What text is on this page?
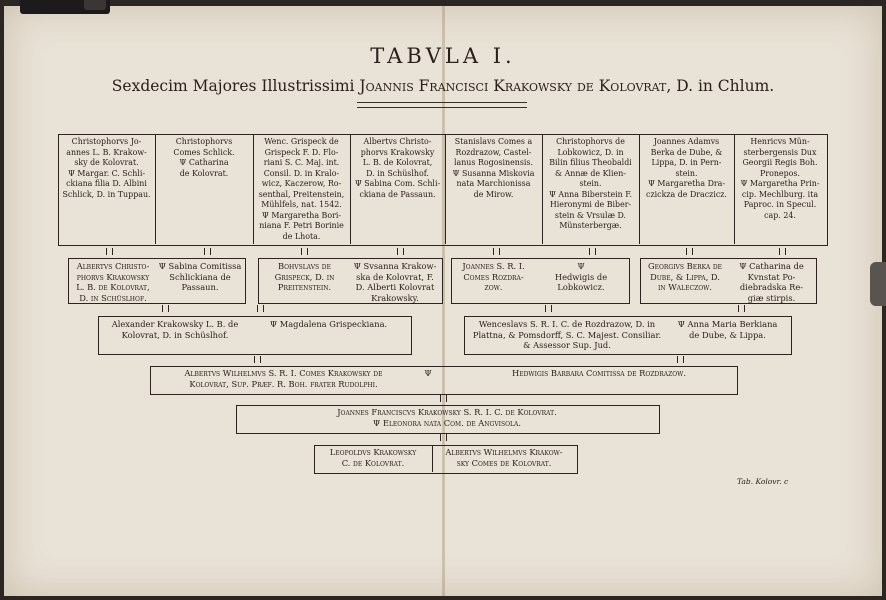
TABVLA I.
Sexdecim Majores Illustrissimi Joannis Francisci Krakowsky de Kolovrat, D. in Chlum.
Christophorvs Jo-
annes L. B. Krakow-
sky de Kolovrat.
Ψ Margar. C. Schli-
ckiana filia D. Albini
Schlick, D. in Tuppau.
Christophorvs
Comes Schlick.
Ψ Catharina
de Kolovrat.
Wenc. Grispeck de
Grispeck F. D. Flo-
riani S. C. Maj. int.
Consil. D. in Kralo-
wicz, Kaczerow, Ro-
senthal, Preitenstein,
Mühlfels, nat. 1542.
Ψ Margaretha Bori-
niana F. Petri Borinie
de Lhota.
Albertvs Christo-
phorvs Krakowsky
L. B. de Kolovrat,
D. in Schüslhof.
Ψ Sabina Com. Schli-
ckiana de Passaun.
Stanislavs Comes a
Rozdrazow, Castel-
lanus Rogosinensis.
Ψ Susanna Miskovia
nata Marchionissa
de Mirow.
Christophorvs de
Lobkowicz, D. in
Bilin filius Theobaldi
& Annæ de Klien-
stein.
Ψ Anna Biberstein F.
Hieronymi de Biber-
stein & Vrsulæ D.
Münsterbergæ.
Joannes Adamvs
Berka de Dube, &
Lippa, D. in Pern-
stein.
Ψ Margaretha Dra-
czickza de Draczicz.
Henricvs Mün-
sterbergensis Dux
Georgii Regis Boh.
Pronepos.
Ψ Margaretha Prin-
cip. Mechlburg. ita
Paproc. in Specul.
cap. 24.
Albertvs Christo-
phorvs Krakowsky
L. B. de Kolovrat,
D. in Schüslhof.
Ψ Sabina Comitissa
Schlickiana de
Passaun.
Bohvslavs de
Grispeck, D. in
Preitenstein.
Ψ Svsanna Krakow-
ska de Kolovrat, F.
D. Alberti Kolovrat
Krakowsky.
Joannes S. R. I.
Comes Rozdra-
zow.
Ψ
Hedwigis de
Lobkowicz.
Georgivs Berka de
Dube, & Lippa, D.
in Waleczow.
Ψ Catharina de
Kvnstat Po-
diebradska Re-
giæ stirpis.
Alexander Krakowsky L. B. de
Kolovrat, D. in Schüslhof.
Ψ Magdalena Grispeckiana.	Wenceslavs S. R. I. C. de Rozdrazow, D. in
Plattna, & Pomsdorff, S. C. Majest. Consiliar.
& Assessor Sup. Jud.
Ψ Anna Maria Berkiana
de Dube, & Lippa.
Albertvs Wilhelmvs S. R. I. Comes Krakowsky de
Kolovrat, Sup. Præf. R. Boh. frater Rudolphi.
Ψ	Hedwigis Barbara Comitissa de Rozdrazow.
Joannes Franciscvs Krakowsky S. R. I. C. de Kolovrat.
Ψ Eleonora nata Com. de Angvisola.
Leopoldvs Krakowsky
C. de Kolovrat.
Albertvs Wilhelmvs Krakow-
sky Comes de Kolovrat.
Tab. Kolovr. c
